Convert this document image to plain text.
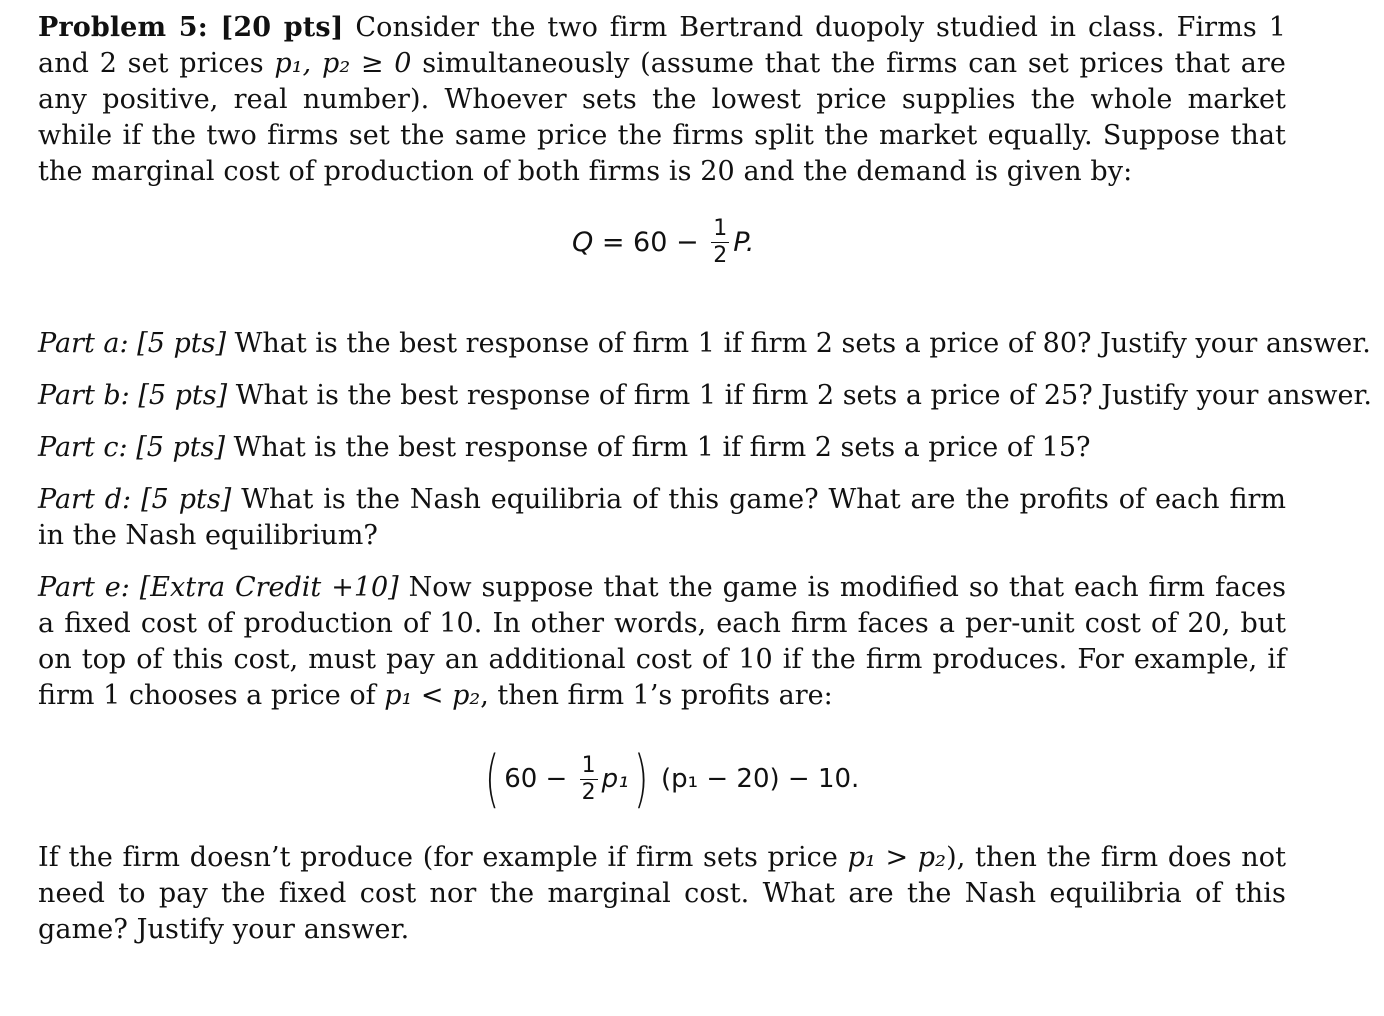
Problem 5: [20 pts] Consider the two firm Bertrand duopoly studied in class. Firms 1 and 2 set prices p₁, p₂ ≥ 0 simultaneously (assume that the firms can set prices that are any positive, real number). Whoever sets the lowest price supplies the whole market while if the two firms set the same price the firms split the market equally. Suppose that the marginal cost of production of both firms is 20 and the demand is given by:

$Q = 60 - \frac{1}{2} P$.

Part a: [5 pts] What is the best response of firm 1 if firm 2 sets a price of 80? Justify your answer.

Part b: [5 pts] What is the best response of firm 1 if firm 2 sets a price of 25? Justify your answer.

Part c: [5 pts] What is the best response of firm 1 if firm 2 sets a price of 15?

Part d: [5 pts] What is the Nash equilibria of this game? What are the profits of each firm in the Nash equilibrium?

Part e: [Extra Credit +10] Now suppose that the game is modified so that each firm faces a fixed cost of production of 10. In other words, each firm faces a per-unit cost of 20, but on top of this cost, must pay an additional cost of 10 if the firm produces. For example, if firm 1 chooses a price of p₁ < p₂, then firm 1’s profits are:

( $60 - \frac{1}{2} p_1$ ) (p₁ − 20) − 10.

If the firm doesn’t produce (for example if firm sets price p₁ > p₂), then the firm does not need to pay the fixed cost nor the marginal cost. What are the Nash equilibria of this game? Justify your answer.
